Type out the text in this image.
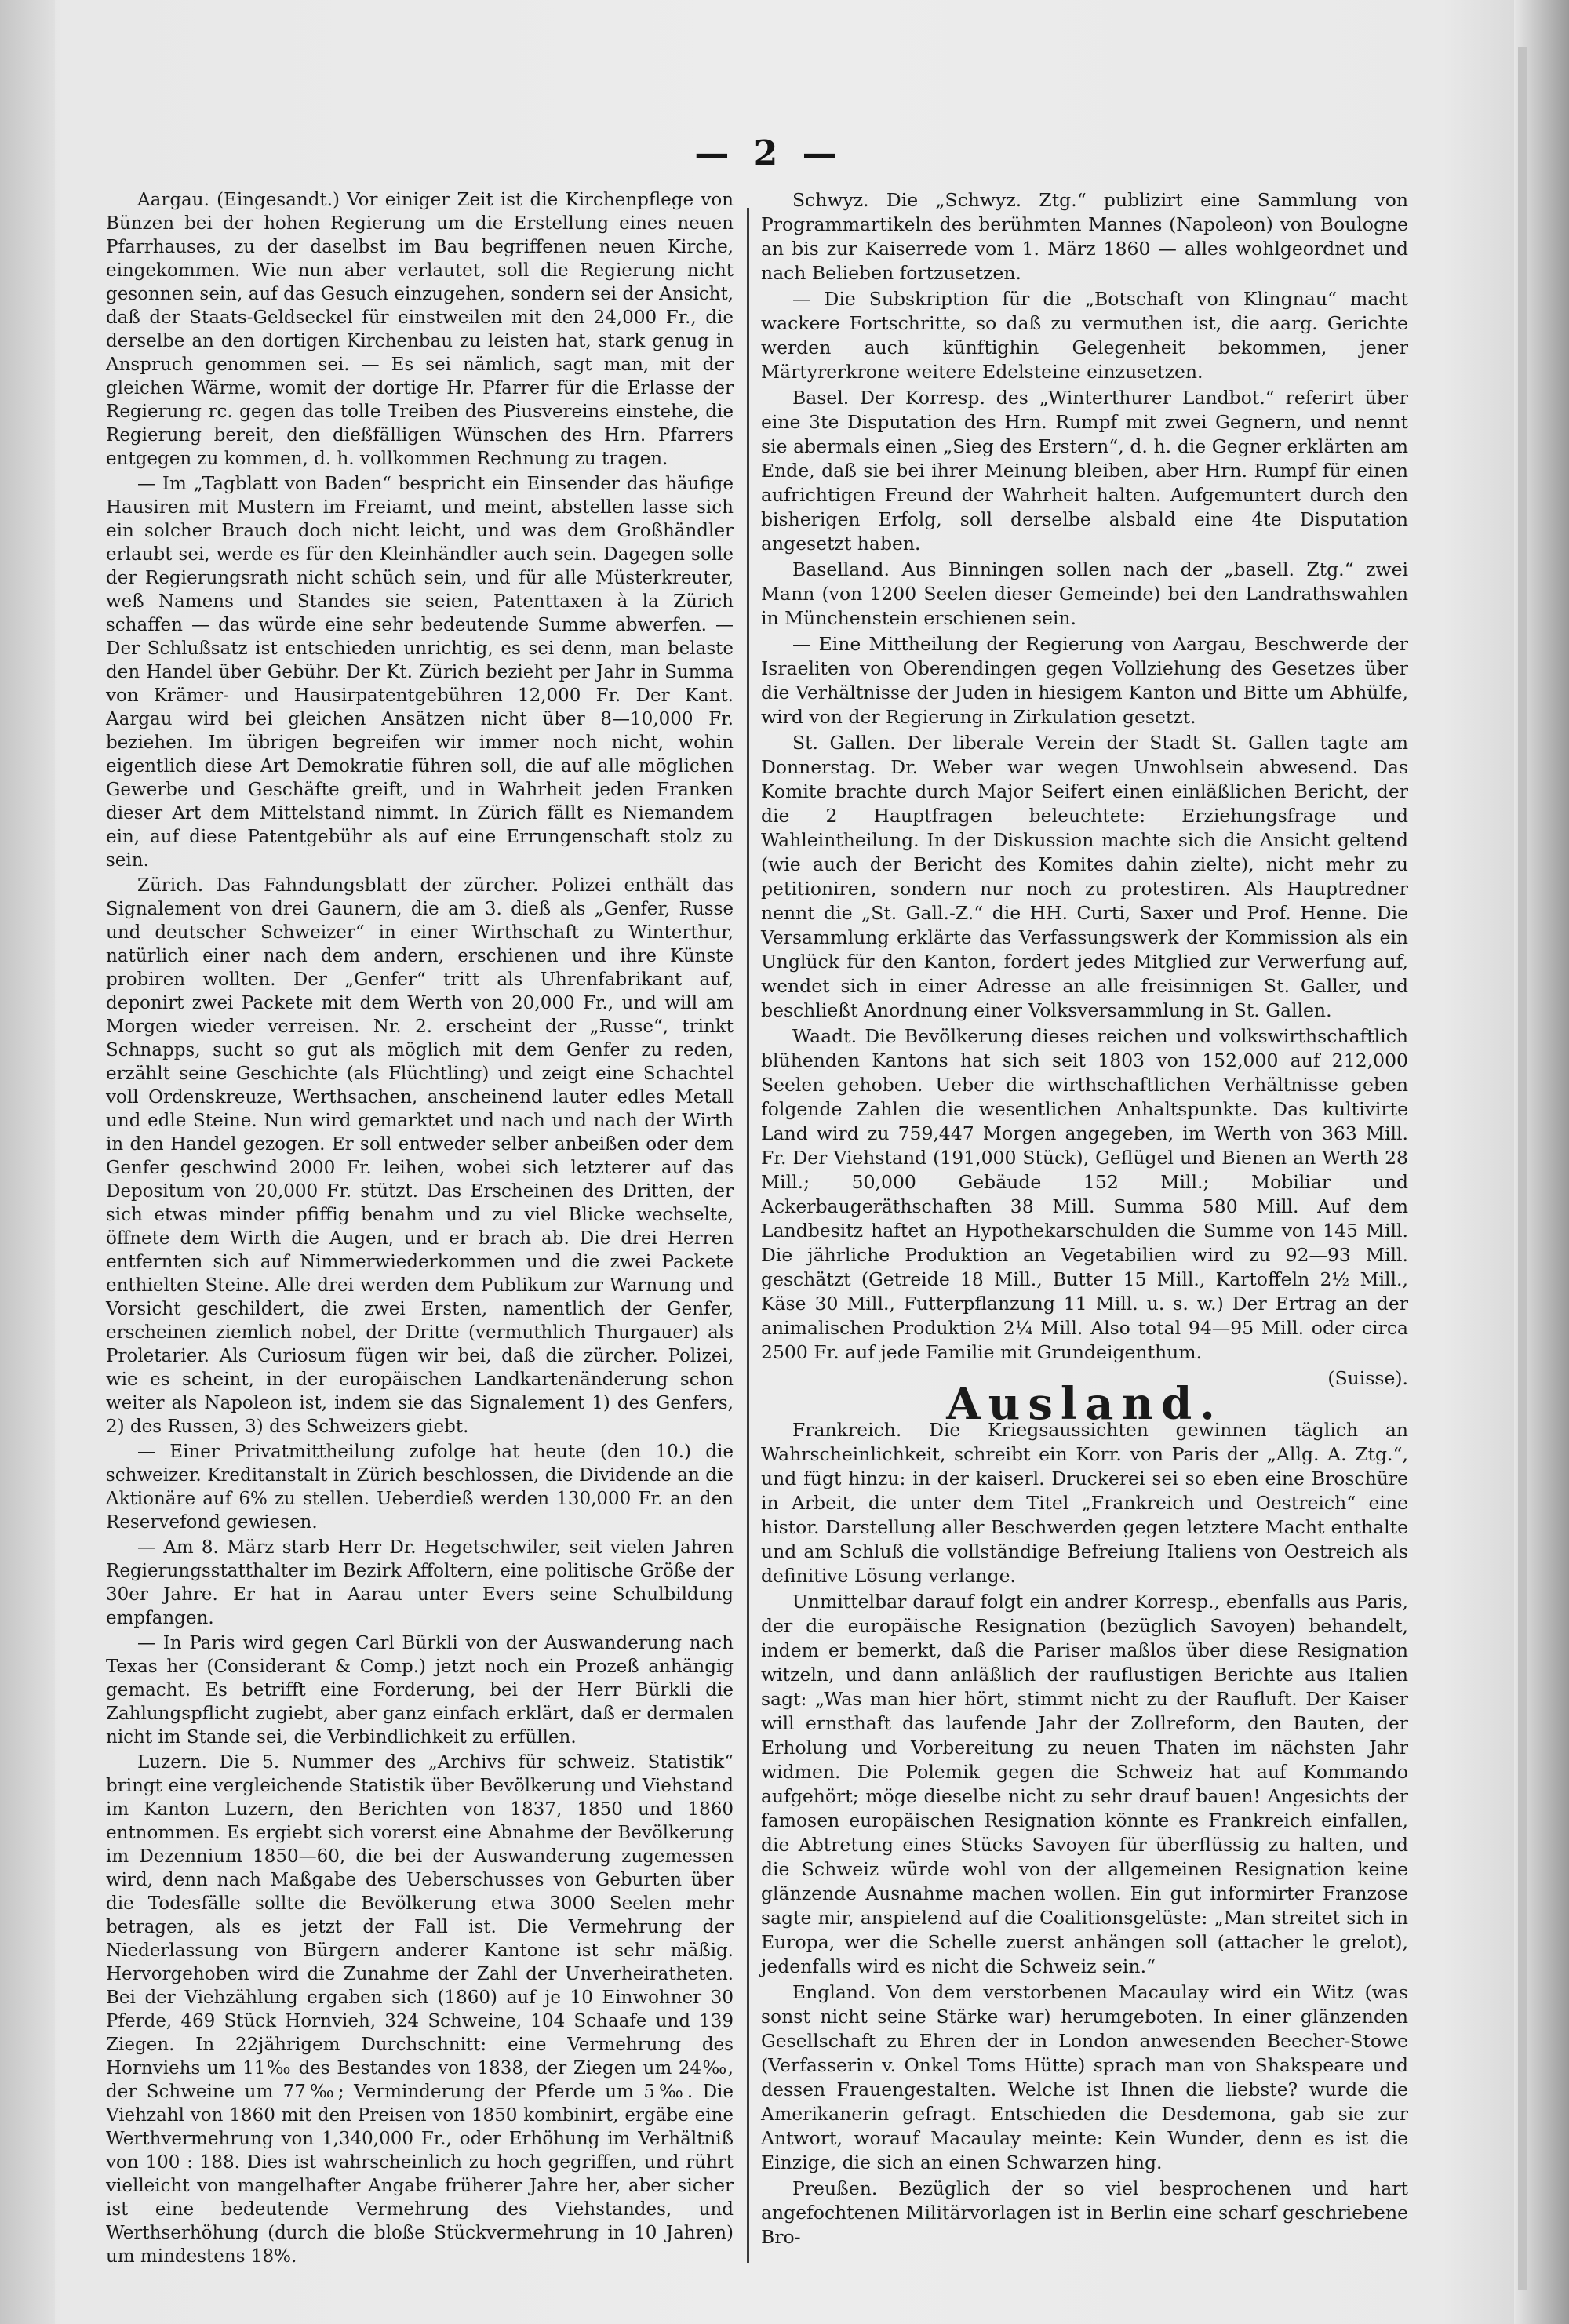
— 2 —

Aargau. (Eingesandt.) Vor einiger Zeit ist die Kirchenpflege von Bünzen bei der hohen Regierung um die Erstellung eines neuen Pfarrhauses, zu der daselbst im Bau begriffenen neuen Kirche, eingekommen. Wie nun aber verlautet, soll die Regierung nicht gesonnen sein, auf das Gesuch einzugehen, sondern sei der Ansicht, daß der Staats-Geldseckel für einstweilen mit den 24,000 Fr., die derselbe an den dortigen Kirchenbau zu leisten hat, stark genug in Anspruch genommen sei. — Es sei nämlich, sagt man, mit der gleichen Wärme, womit der dortige Hr. Pfarrer für die Erlasse der Regierung rc. gegen das tolle Treiben des Piusvereins einstehe, die Regierung bereit, den dießfälligen Wünschen des Hrn. Pfarrers entgegen zu kommen, d. h. vollkommen Rechnung zu tragen.

— Im „Tagblatt von Baden“ bespricht ein Einsender das häufige Hausiren mit Mustern im Freiamt, und meint, abstellen lasse sich ein solcher Brauch doch nicht leicht, und was dem Großhändler erlaubt sei, werde es für den Kleinhändler auch sein. Dagegen solle der Regierungsrath nicht schüch sein, und für alle Müsterkreuter, weß Namens und Standes sie seien, Patenttaxen à la Zürich schaffen — das würde eine sehr bedeutende Summe abwerfen. — Der Schlußsatz ist entschieden unrichtig, es sei denn, man belaste den Handel über Gebühr. Der Kt. Zürich bezieht per Jahr in Summa von Krämer- und Hausirpatentgebühren 12,000 Fr. Der Kant. Aargau wird bei gleichen Ansätzen nicht über 8—10,000 Fr. beziehen. Im übrigen begreifen wir immer noch nicht, wohin eigentlich diese Art Demokratie führen soll, die auf alle möglichen Gewerbe und Geschäfte greift, und in Wahrheit jeden Franken dieser Art dem Mittelstand nimmt. In Zürich fällt es Niemandem ein, auf diese Patentgebühr als auf eine Errungenschaft stolz zu sein.

Zürich. Das Fahndungsblatt der zürcher. Polizei enthält das Signalement von drei Gaunern, die am 3. dieß als „Genfer, Russe und deutscher Schweizer“ in einer Wirthschaft zu Winterthur, natürlich einer nach dem andern, erschienen und ihre Künste probiren wollten. Der „Genfer“ tritt als Uhrenfabrikant auf, deponirt zwei Packete mit dem Werth von 20,000 Fr., und will am Morgen wieder verreisen. Nr. 2. erscheint der „Russe“, trinkt Schnapps, sucht so gut als möglich mit dem Genfer zu reden, erzählt seine Geschichte (als Flüchtling) und zeigt eine Schachtel voll Ordenskreuze, Werthsachen, anscheinend lauter edles Metall und edle Steine. Nun wird gemarktet und nach und nach der Wirth in den Handel gezogen. Er soll entweder selber anbeißen oder dem Genfer geschwind 2000 Fr. leihen, wobei sich letzterer auf das Depositum von 20,000 Fr. stützt. Das Erscheinen des Dritten, der sich etwas minder pfiffig benahm und zu viel Blicke wechselte, öffnete dem Wirth die Augen, und er brach ab. Die drei Herren entfernten sich auf Nimmerwiederkommen und die zwei Packete enthielten Steine. Alle drei werden dem Publikum zur Warnung und Vorsicht geschildert, die zwei Ersten, namentlich der Genfer, erscheinen ziemlich nobel, der Dritte (vermuthlich Thurgauer) als Proletarier. Als Curiosum fügen wir bei, daß die zürcher. Polizei, wie es scheint, in der europäischen Landkartenänderung schon weiter als Napoleon ist, indem sie das Signalement 1) des Genfers, 2) des Russen, 3) des Schweizers giebt.

— Einer Privatmittheilung zufolge hat heute (den 10.) die schweizer. Kreditanstalt in Zürich beschlossen, die Dividende an die Aktionäre auf 6% zu stellen. Ueberdieß werden 130,000 Fr. an den Reservefond gewiesen.

— Am 8. März starb Herr Dr. Hegetschwiler, seit vielen Jahren Regierungsstatthalter im Bezirk Affoltern, eine politische Größe der 30er Jahre. Er hat in Aarau unter Evers seine Schulbildung empfangen.

— In Paris wird gegen Carl Bürkli von der Auswanderung nach Texas her (Considerant & Comp.) jetzt noch ein Prozeß anhängig gemacht. Es betrifft eine Forderung, bei der Herr Bürkli die Zahlungspflicht zugiebt, aber ganz einfach erklärt, daß er dermalen nicht im Stande sei, die Verbindlichkeit zu erfüllen.

Luzern. Die 5. Nummer des „Archivs für schweiz. Statistik“ bringt eine vergleichende Statistik über Bevölkerung und Viehstand im Kanton Luzern, den Berichten von 1837, 1850 und 1860 entnommen. Es ergiebt sich vorerst eine Abnahme der Bevölkerung im Dezennium 1850—60, die bei der Auswanderung zugemessen wird, denn nach Maßgabe des Ueberschusses von Geburten über die Todesfälle sollte die Bevölkerung etwa 3000 Seelen mehr betragen, als es jetzt der Fall ist. Die Vermehrung der Niederlassung von Bürgern anderer Kantone ist sehr mäßig. Hervorgehoben wird die Zunahme der Zahl der Unverheiratheten. Bei der Viehzählung ergaben sich (1860) auf je 10 Einwohner 30 Pferde, 469 Stück Hornvieh, 324 Schweine, 104 Schaafe und 139 Ziegen. In 22jährigem Durchschnitt: eine Vermehrung des Hornviehs um 11‰ des Bestandes von 1838, der Ziegen um 24‰, der Schweine um 77‰; Verminderung der Pferde um 5‰. Die Viehzahl von 1860 mit den Preisen von 1850 kombinirt, ergäbe eine Werthvermehrung von 1,340,000 Fr., oder Erhöhung im Verhältniß von 100 : 188. Dies ist wahrscheinlich zu hoch gegriffen, und rührt vielleicht von mangelhafter Angabe früherer Jahre her, aber sicher ist eine bedeutende Vermehrung des Viehstandes, und Werthserhöhung (durch die bloße Stückvermehrung in 10 Jahren) um mindestens 18%.

Schwyz. Die „Schwyz. Ztg.“ publizirt eine Sammlung von Programmartikeln des berühmten Mannes (Napoleon) von Boulogne an bis zur Kaiserrede vom 1. März 1860 — alles wohlgeordnet und nach Belieben fortzusetzen.

— Die Subskription für die „Botschaft von Klingnau“ macht wackere Fortschritte, so daß zu vermuthen ist, die aarg. Gerichte werden auch künftighin Gelegenheit bekommen, jener Märtyrerkrone weitere Edelsteine einzusetzen.

Basel. Der Korresp. des „Winterthurer Landbot.“ referirt über eine 3te Disputation des Hrn. Rumpf mit zwei Gegnern, und nennt sie abermals einen „Sieg des Erstern“, d. h. die Gegner erklärten am Ende, daß sie bei ihrer Meinung bleiben, aber Hrn. Rumpf für einen aufrichtigen Freund der Wahrheit halten. Aufgemuntert durch den bisherigen Erfolg, soll derselbe alsbald eine 4te Disputation angesetzt haben.

Baselland. Aus Binningen sollen nach der „basell. Ztg.“ zwei Mann (von 1200 Seelen dieser Gemeinde) bei den Landrathswahlen in Münchenstein erschienen sein.

— Eine Mittheilung der Regierung von Aargau, Beschwerde der Israeliten von Oberendingen gegen Vollziehung des Gesetzes über die Verhältnisse der Juden in hiesigem Kanton und Bitte um Abhülfe, wird von der Regierung in Zirkulation gesetzt.

St. Gallen. Der liberale Verein der Stadt St. Gallen tagte am Donnerstag. Dr. Weber war wegen Unwohlsein abwesend. Das Komite brachte durch Major Seifert einen einläßlichen Bericht, der die 2 Hauptfragen beleuchtete: Erziehungsfrage und Wahleintheilung. In der Diskussion machte sich die Ansicht geltend (wie auch der Bericht des Komites dahin zielte), nicht mehr zu petitioniren, sondern nur noch zu protestiren. Als Hauptredner nennt die „St. Gall.-Z.“ die HH. Curti, Saxer und Prof. Henne. Die Versammlung erklärte das Verfassungswerk der Kommission als ein Unglück für den Kanton, fordert jedes Mitglied zur Verwerfung auf, wendet sich in einer Adresse an alle freisinnigen St. Galler, und beschließt Anordnung einer Volksversammlung in St. Gallen.

Waadt. Die Bevölkerung dieses reichen und volkswirthschaftlich blühenden Kantons hat sich seit 1803 von 152,000 auf 212,000 Seelen gehoben. Ueber die wirthschaftlichen Verhältnisse geben folgende Zahlen die wesentlichen Anhaltspunkte. Das kultivirte Land wird zu 759,447 Morgen angegeben, im Werth von 363 Mill. Fr. Der Viehstand (191,000 Stück), Geflügel und Bienen an Werth 28 Mill.; 50,000 Gebäude 152 Mill.; Mobiliar und Ackerbaugeräthschaften 38 Mill. Summa 580 Mill. Auf dem Landbesitz haftet an Hypothekarschulden die Summe von 145 Mill. Die jährliche Produktion an Vegetabilien wird zu 92—93 Mill. geschätzt (Getreide 18 Mill., Butter 15 Mill., Kartoffeln 2½ Mill., Käse 30 Mill., Futterpflanzung 11 Mill. u. s. w.) Der Ertrag an der animalischen Produktion 2¼ Mill. Also total 94—95 Mill. oder circa 2500 Fr. auf jede Familie mit Grundeigenthum.

(Suisse).

Ausland.

Frankreich. Die Kriegsaussichten gewinnen täglich an Wahrscheinlichkeit, schreibt ein Korr. von Paris der „Allg. A. Ztg.“, und fügt hinzu: in der kaiserl. Druckerei sei so eben eine Broschüre in Arbeit, die unter dem Titel „Frankreich und Oestreich“ eine histor. Darstellung aller Beschwerden gegen letztere Macht enthalte und am Schluß die vollständige Befreiung Italiens von Oestreich als definitive Lösung verlange.

Unmittelbar darauf folgt ein andrer Korresp., ebenfalls aus Paris, der die europäische Resignation (bezüglich Savoyen) behandelt, indem er bemerkt, daß die Pariser maßlos über diese Resignation witzeln, und dann anläßlich der rauflustigen Berichte aus Italien sagt: „Was man hier hört, stimmt nicht zu der Raufluft. Der Kaiser will ernsthaft das laufende Jahr der Zollreform, den Bauten, der Erholung und Vorbereitung zu neuen Thaten im nächsten Jahr widmen. Die Polemik gegen die Schweiz hat auf Kommando aufgehört; möge dieselbe nicht zu sehr drauf bauen! Angesichts der famosen europäischen Resignation könnte es Frankreich einfallen, die Abtretung eines Stücks Savoyen für überflüssig zu halten, und die Schweiz würde wohl von der allgemeinen Resignation keine glänzende Ausnahme machen wollen. Ein gut informirter Franzose sagte mir, anspielend auf die Coalitionsgelüste: „Man streitet sich in Europa, wer die Schelle zuerst anhängen soll (attacher le grelot), jedenfalls wird es nicht die Schweiz sein.“

England. Von dem verstorbenen Macaulay wird ein Witz (was sonst nicht seine Stärke war) herumgeboten. In einer glänzenden Gesellschaft zu Ehren der in London anwesenden Beecher-Stowe (Verfasserin v. Onkel Toms Hütte) sprach man von Shakspeare und dessen Frauengestalten. Welche ist Ihnen die liebste? wurde die Amerikanerin gefragt. Entschieden die Desdemona, gab sie zur Antwort, worauf Macaulay meinte: Kein Wunder, denn es ist die Einzige, die sich an einen Schwarzen hing.

Preußen. Bezüglich der so viel besprochenen und hart angefochtenen Militärvorlagen ist in Berlin eine scharf geschriebene Bro-
